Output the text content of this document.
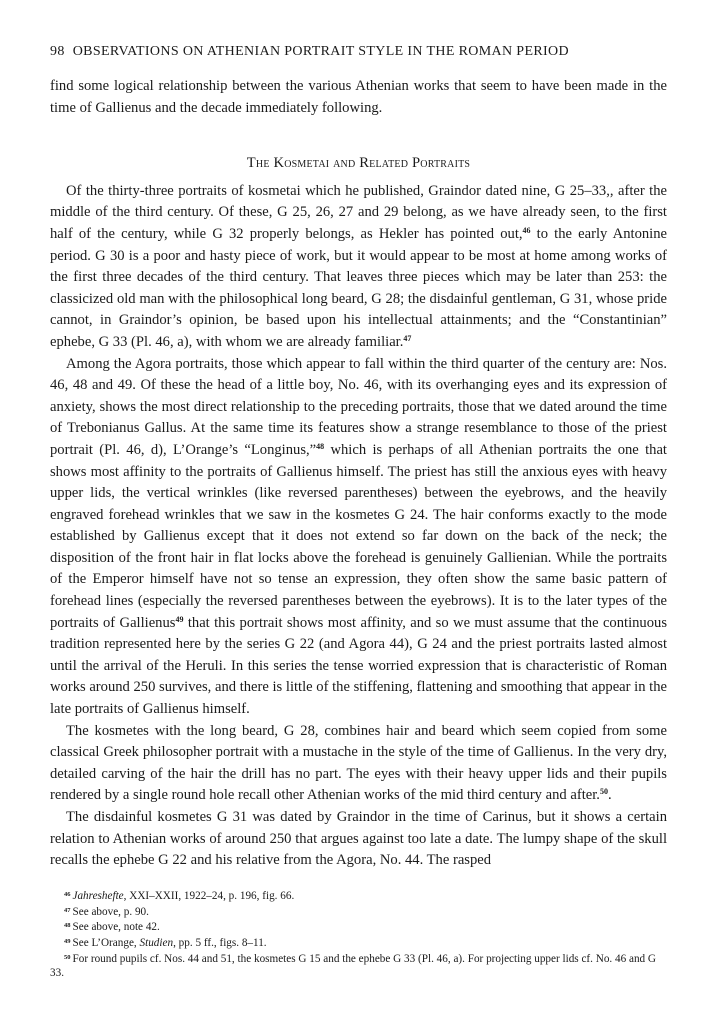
98 OBSERVATIONS ON ATHENIAN PORTRAIT STYLE IN THE ROMAN PERIOD

find some logical relationship between the various Athenian works that seem to have been made in the time of Gallienus and the decade immediately following.

The Kosmetai and Related Portraits

Of the thirty-three portraits of kosmetai which he published, Graindor dated nine, G 25–33,, after the middle of the third century. Of these, G 25, 26, 27 and 29 belong, as we have already seen, to the first half of the century, while G 32 properly belongs, as Hekler has pointed out,$^{46}$ to the early Antonine period. G 30 is a poor and hasty piece of work, but it would appear to be most at home among works of the first three decades of the third century. That leaves three pieces which may be later than 253: the classicized old man with the philosophical long beard, G 28; the disdainful gentleman, G 31, whose pride cannot, in Graindor’s opinion, be based upon his intellectual attainments; and the “Constantinian” ephebe, G 33 (Pl. 46, a), with whom we are already familiar.$^{47}$

Among the Agora portraits, those which appear to fall within the third quarter of the century are: Nos. 46, 48 and 49. Of these the head of a little boy, No. 46, with its overhanging eyes and its expression of anxiety, shows the most direct relationship to the preceding portraits, those that we dated around the time of Trebonianus Gallus. At the same time its features show a strange resemblance to those of the priest portrait (Pl. 46, d), L’Orange’s “Longinus,”$^{48}$ which is perhaps of all Athenian portraits the one that shows most affinity to the portraits of Gallienus himself. The priest has still the anxious eyes with heavy upper lids, the vertical wrinkles (like reversed parentheses) between the eyebrows, and the heavily engraved forehead wrinkles that we saw in the kosmetes G 24. The hair conforms exactly to the mode established by Gallienus except that it does not extend so far down on the back of the neck; the disposition of the front hair in flat locks above the forehead is genuinely Gallienian. While the portraits of the Emperor himself have not so tense an expression, they often show the same basic pattern of forehead lines (especially the reversed parentheses between the eyebrows). It is to the later types of the portraits of Gallienus$^{49}$ that this portrait shows most affinity, and so we must assume that the continuous tradition represented here by the series G 22 (and Agora 44), G 24 and the priest portraits lasted almost until the arrival of the Heruli. In this series the tense worried expression that is characteristic of Roman works around 250 survives, and there is little of the stiffening, flattening and smoothing that appear in the late portraits of Gallienus himself.

The kosmetes with the long beard, G 28, combines hair and beard which seem copied from some classical Greek philosopher portrait with a mustache in the style of the time of Gallienus. In the very dry, detailed carving of the hair the drill has no part. The eyes with their heavy upper lids and their pupils rendered by a single round hole recall other Athenian works of the mid third century and after.$^{50}$.

The disdainful kosmetes G 31 was dated by Graindor in the time of Carinus, but it shows a certain relation to Athenian works of around 250 that argues against too late a date. The lumpy shape of the skull recalls the ephebe G 22 and his relative from the Agora, No. 44. The rasped

$^{46}$ Jahreshefte, XXI–XXII, 1922–24, p. 196, fig. 66.
$^{47}$ See above, p. 90.
$^{48}$ See above, note 42.
$^{49}$ See L’Orange, Studien, pp. 5 ff., figs. 8–11.
$^{50}$ For round pupils cf. Nos. 44 and 51, the kosmetes G 15 and the ephebe G 33 (Pl. 46, a). For projecting upper lids cf. No. 46 and G 33.
